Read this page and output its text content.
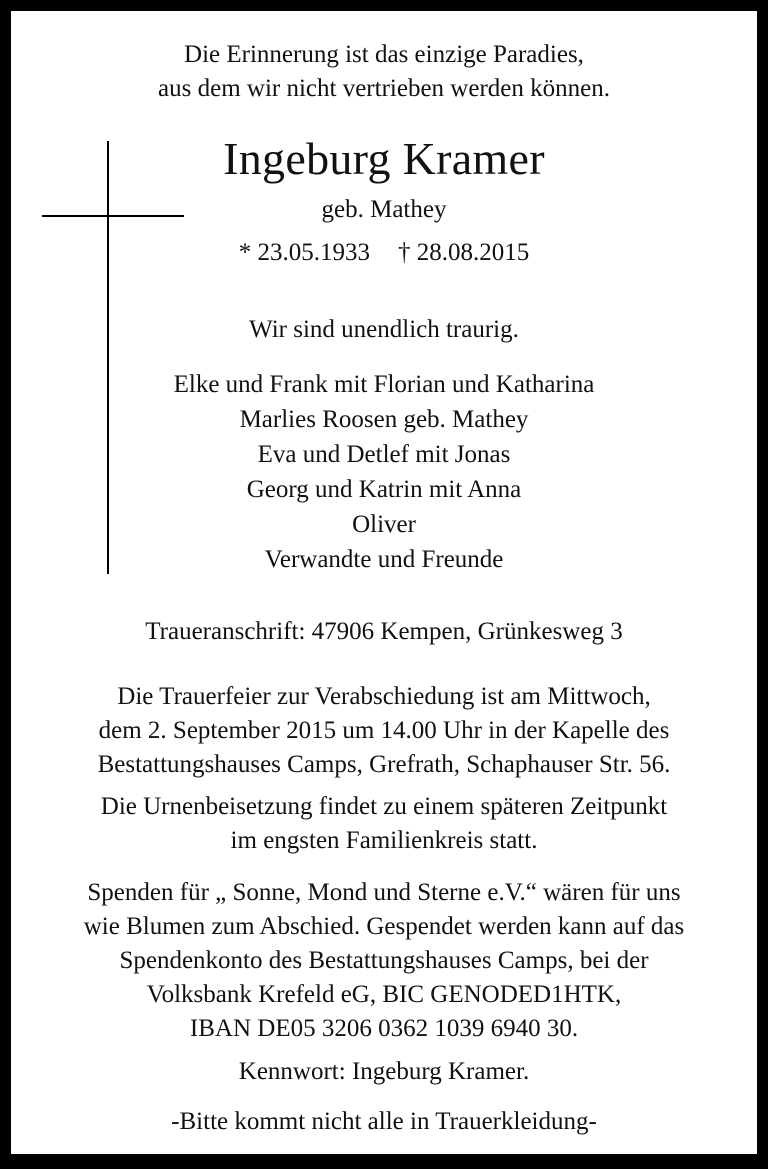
Die Erinnerung ist das einzige Paradies,
aus dem wir nicht vertrieben werden können.
Ingeburg Kramer
geb. Mathey
* 23.05.1933 † 28.08.2015
Wir sind unendlich traurig.
Elke und Frank mit Florian und Katharina
Marlies Roosen geb. Mathey
Eva und Detlef mit Jonas
Georg und Katrin mit Anna
Oliver
Verwandte und Freunde
Traueranschrift: 47906 Kempen, Grünkesweg 3
Die Trauerfeier zur Verabschiedung ist am Mittwoch,
dem 2. September 2015 um 14.00 Uhr in der Kapelle des
Bestattungshauses Camps, Grefrath, Schaphauser Str. 56.
Die Urnenbeisetzung findet zu einem späteren Zeitpunkt
im engsten Familienkreis statt.
Spenden für „ Sonne, Mond und Sterne e.V.“ wären für uns
wie Blumen zum Abschied. Gespendet werden kann auf das
Spendenkonto des Bestattungshauses Camps, bei der
Volksbank Krefeld eG, BIC GENODED1HTK,
IBAN DE05 3206 0362 1039 6940 30.
Kennwort: Ingeburg Kramer.
-Bitte kommt nicht alle in Trauerkleidung-
